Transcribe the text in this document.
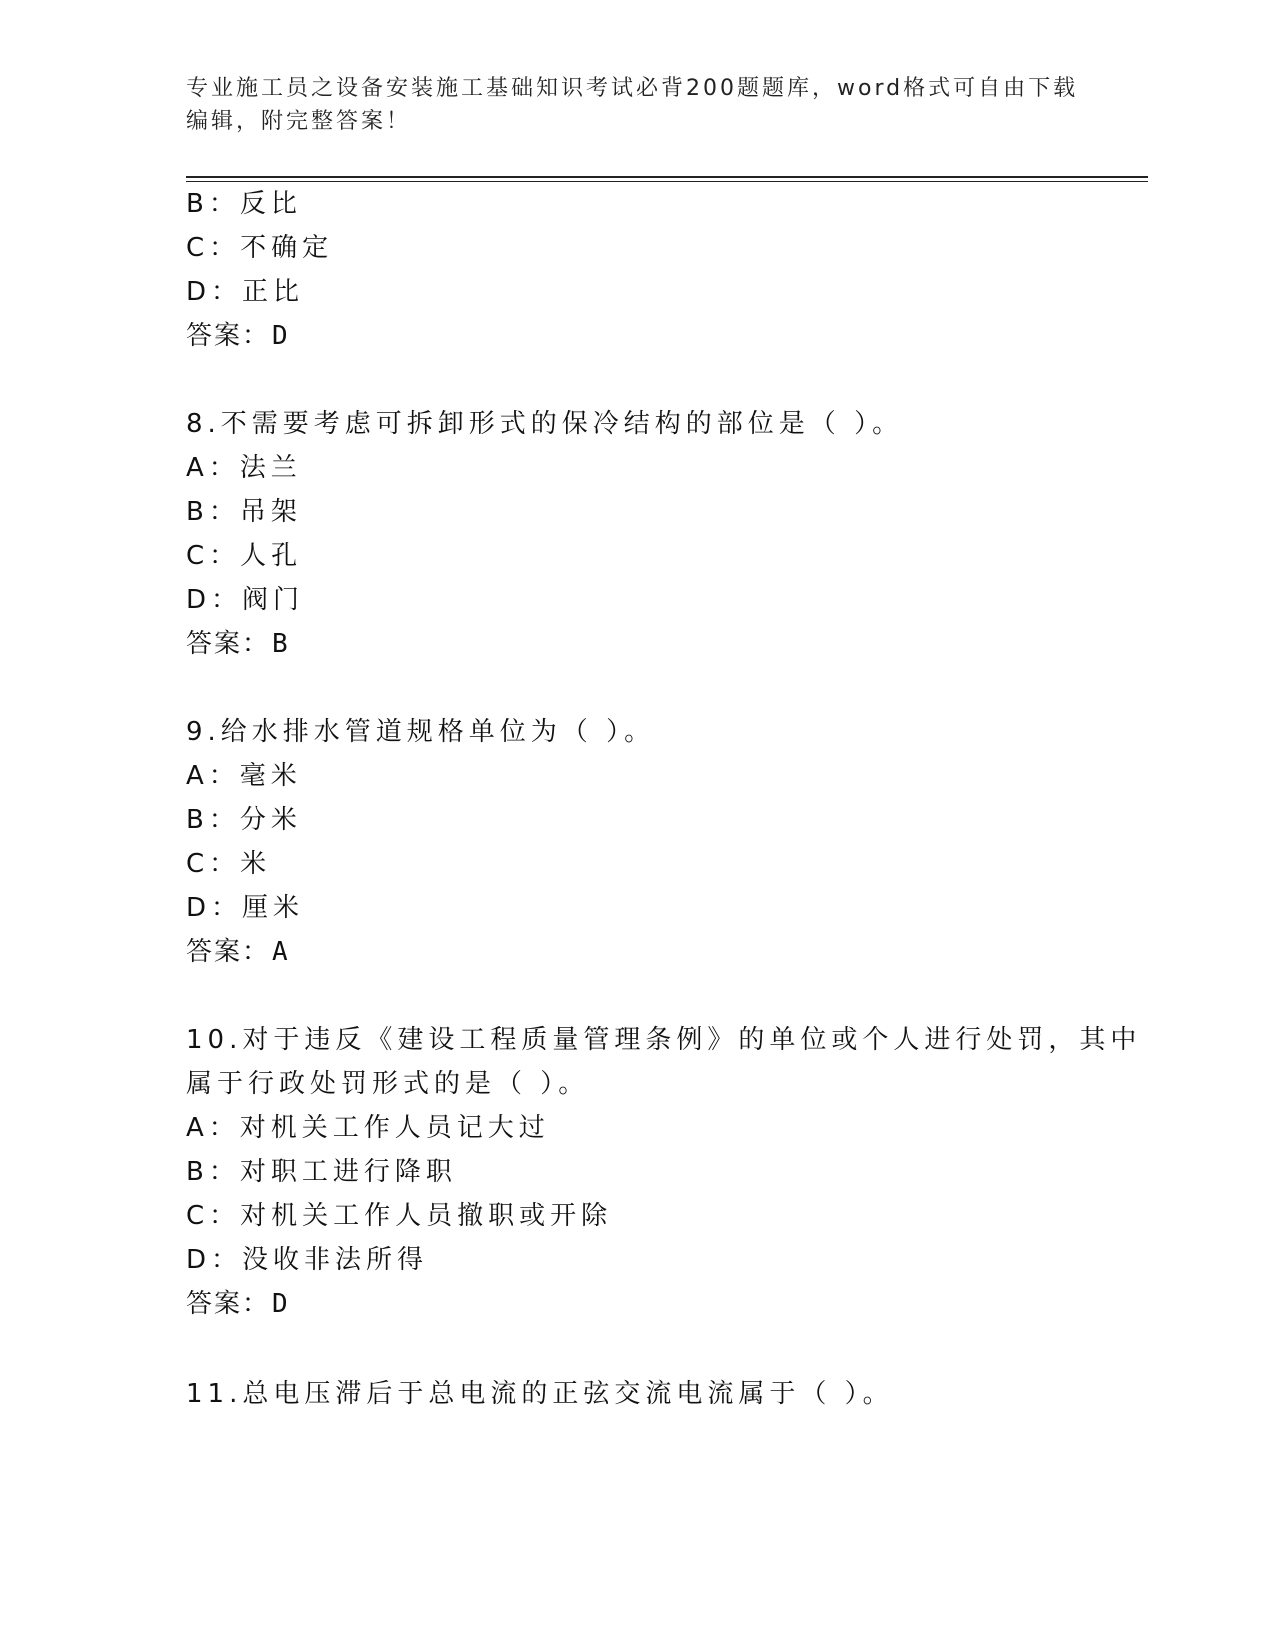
专业施工员之设备安装施工基础知识考试必背200题题库，word格式可自由下载
编辑，附完整答案！
B：反比
C：不确定
D：正比
答案：D
8.不需要考虑可拆卸形式的保冷结构的部位是（ ）。
A：法兰
B：吊架
C：人孔
D：阀门
答案：B
9.给水排水管道规格单位为（ ）。
A：毫米
B：分米
C：米
D：厘米
答案：A
10.对于违反《建设工程质量管理条例》的单位或个人进行处罚，其中
属于行政处罚形式的是（ ）。
A：对机关工作人员记大过
B：对职工进行降职
C：对机关工作人员撤职或开除
D：没收非法所得
答案：D
11.总电压滞后于总电流的正弦交流电流属于（ ）。
